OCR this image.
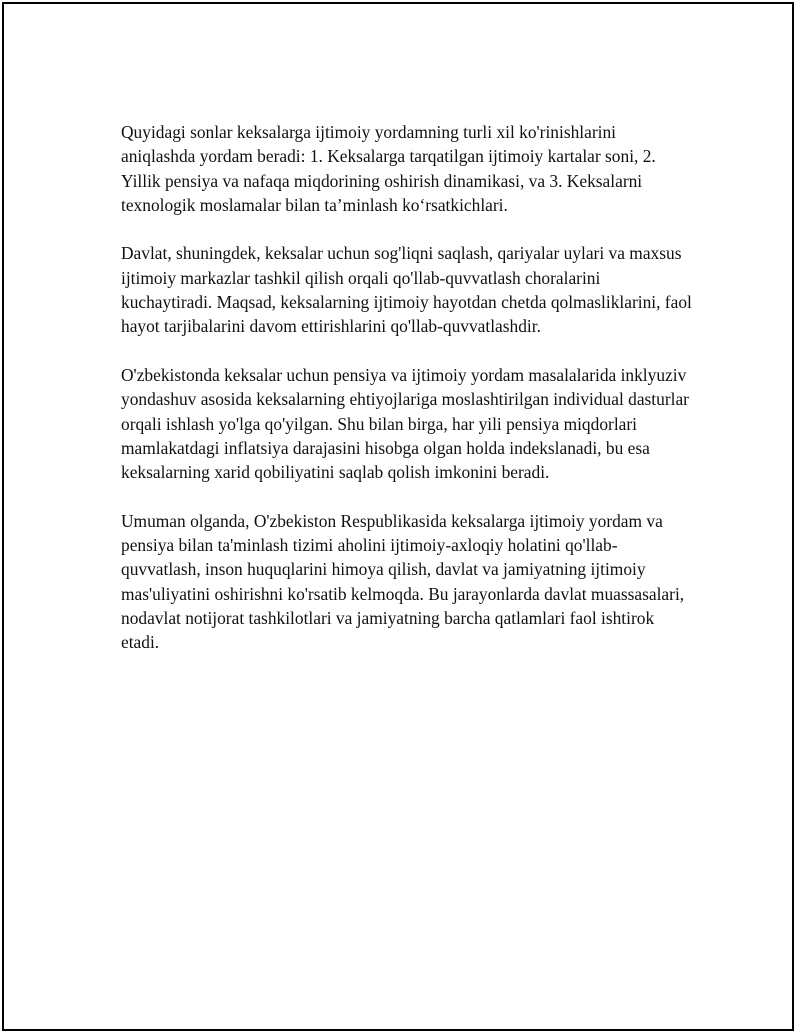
Quyidagi sonlar keksalarga ijtimoiy yordamning turli xil ko'rinishlarini aniqlashda yordam beradi: 1. Keksalarga tarqatilgan ijtimoiy kartalar soni, 2. Yillik pensiya va nafaqa miqdorining oshirish dinamikasi, va 3. Keksalarni texnologik moslamalar bilan ta’minlash ko‘rsatkichlari.

Davlat, shuningdek, keksalar uchun sog'liqni saqlash, qariyalar uylari va maxsus ijtimoiy markazlar tashkil qilish orqali qo'llab-quvvatlash choralarini kuchaytiradi. Maqsad, keksalarning ijtimoiy hayotdan chetda qolmasliklarini, faol hayot tarjibalarini davom ettirishlarini qo'llab-quvvatlashdir.

O'zbekistonda keksalar uchun pensiya va ijtimoiy yordam masalalarida inklyuziv yondashuv asosida keksalarning ehtiyojlariga moslashtirilgan individual dasturlar orqali ishlash yo'lga qo'yilgan. Shu bilan birga, har yili pensiya miqdorlari mamlakatdagi inflatsiya darajasini hisobga olgan holda indekslanadi, bu esa keksalarning xarid qobiliyatini saqlab qolish imkonini beradi.

Umuman olganda, O'zbekiston Respublikasida keksalarga ijtimoiy yordam va pensiya bilan ta'minlash tizimi aholini ijtimoiy-axloqiy holatini qo'llab-quvvatlash, inson huquqlarini himoya qilish, davlat va jamiyatning ijtimoiy mas'uliyatini oshirishni ko'rsatib kelmoqda. Bu jarayonlarda davlat muassasalari, nodavlat notijorat tashkilotlari va jamiyatning barcha qatlamlari faol ishtirok etadi.
